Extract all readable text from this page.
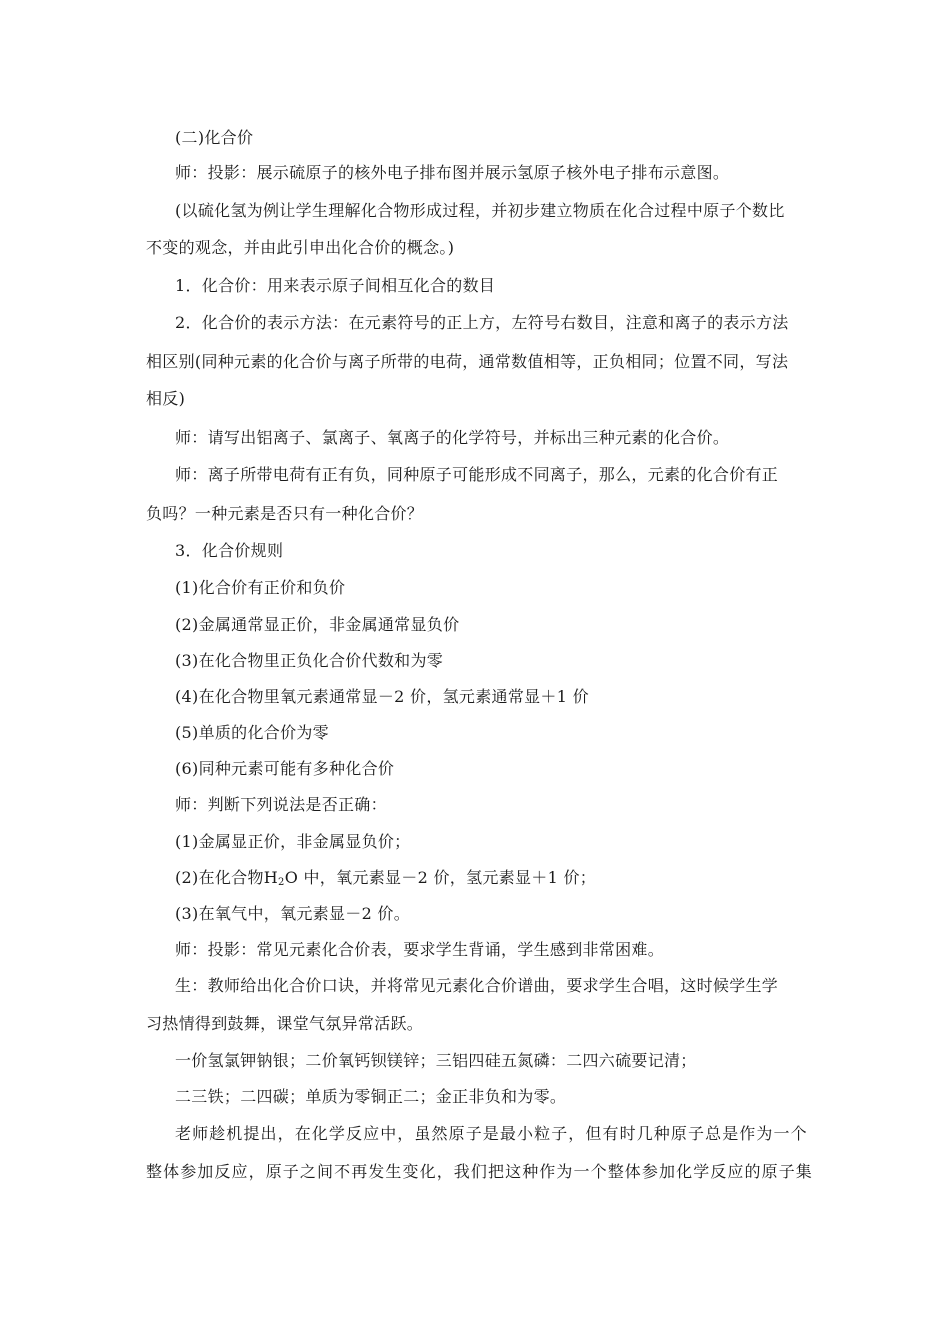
(二)化合价
师：投影：展示硫原子的核外电子排布图并展示氢原子核外电子排布示意图。
(以硫化氢为例让学生理解化合物形成过程，并初步建立物质在化合过程中原子个数比
不变的观念，并由此引申出化合价的概念。)
1．化合价：用来表示原子间相互化合的数目
2．化合价的表示方法：在元素符号的正上方，左符号右数目，注意和离子的表示方法
相区别(同种元素的化合价与离子所带的电荷，通常数值相等，正负相同；位置不同，写法
相反)
师：请写出铝离子、氯离子、氧离子的化学符号，并标出三种元素的化合价。
师：离子所带电荷有正有负，同种原子可能形成不同离子，那么，元素的化合价有正
负吗？一种元素是否只有一种化合价？
3．化合价规则
(1)化合价有正价和负价
(2)金属通常显正价，非金属通常显负价
(3)在化合物里正负化合价代数和为零
(4)在化合物里氧元素通常显－2 价，氢元素通常显＋1 价
(5)单质的化合价为零
(6)同种元素可能有多种化合价
师：判断下列说法是否正确：
(1)金属显正价，非金属显负价；
(2)在化合物$H_2O$ 中，氧元素显－2 价，氢元素显＋1 价；
(3)在氧气中，氧元素显－2 价。
师：投影：常见元素化合价表，要求学生背诵，学生感到非常困难。
生：教师给出化合价口诀，并将常见元素化合价谱曲，要求学生合唱，这时候学生学
习热情得到鼓舞，课堂气氛异常活跃。
一价氢氯钾钠银；二价氧钙钡镁锌；三铝四硅五氮磷：二四六硫要记清；
二三铁；二四碳；单质为零铜正二；金正非负和为零。
老师趁机提出，在化学反应中，虽然原子是最小粒子，但有时几种原子总是作为一个
整体参加反应，原子之间不再发生变化，我们把这种作为一个整体参加化学反应的原子集
